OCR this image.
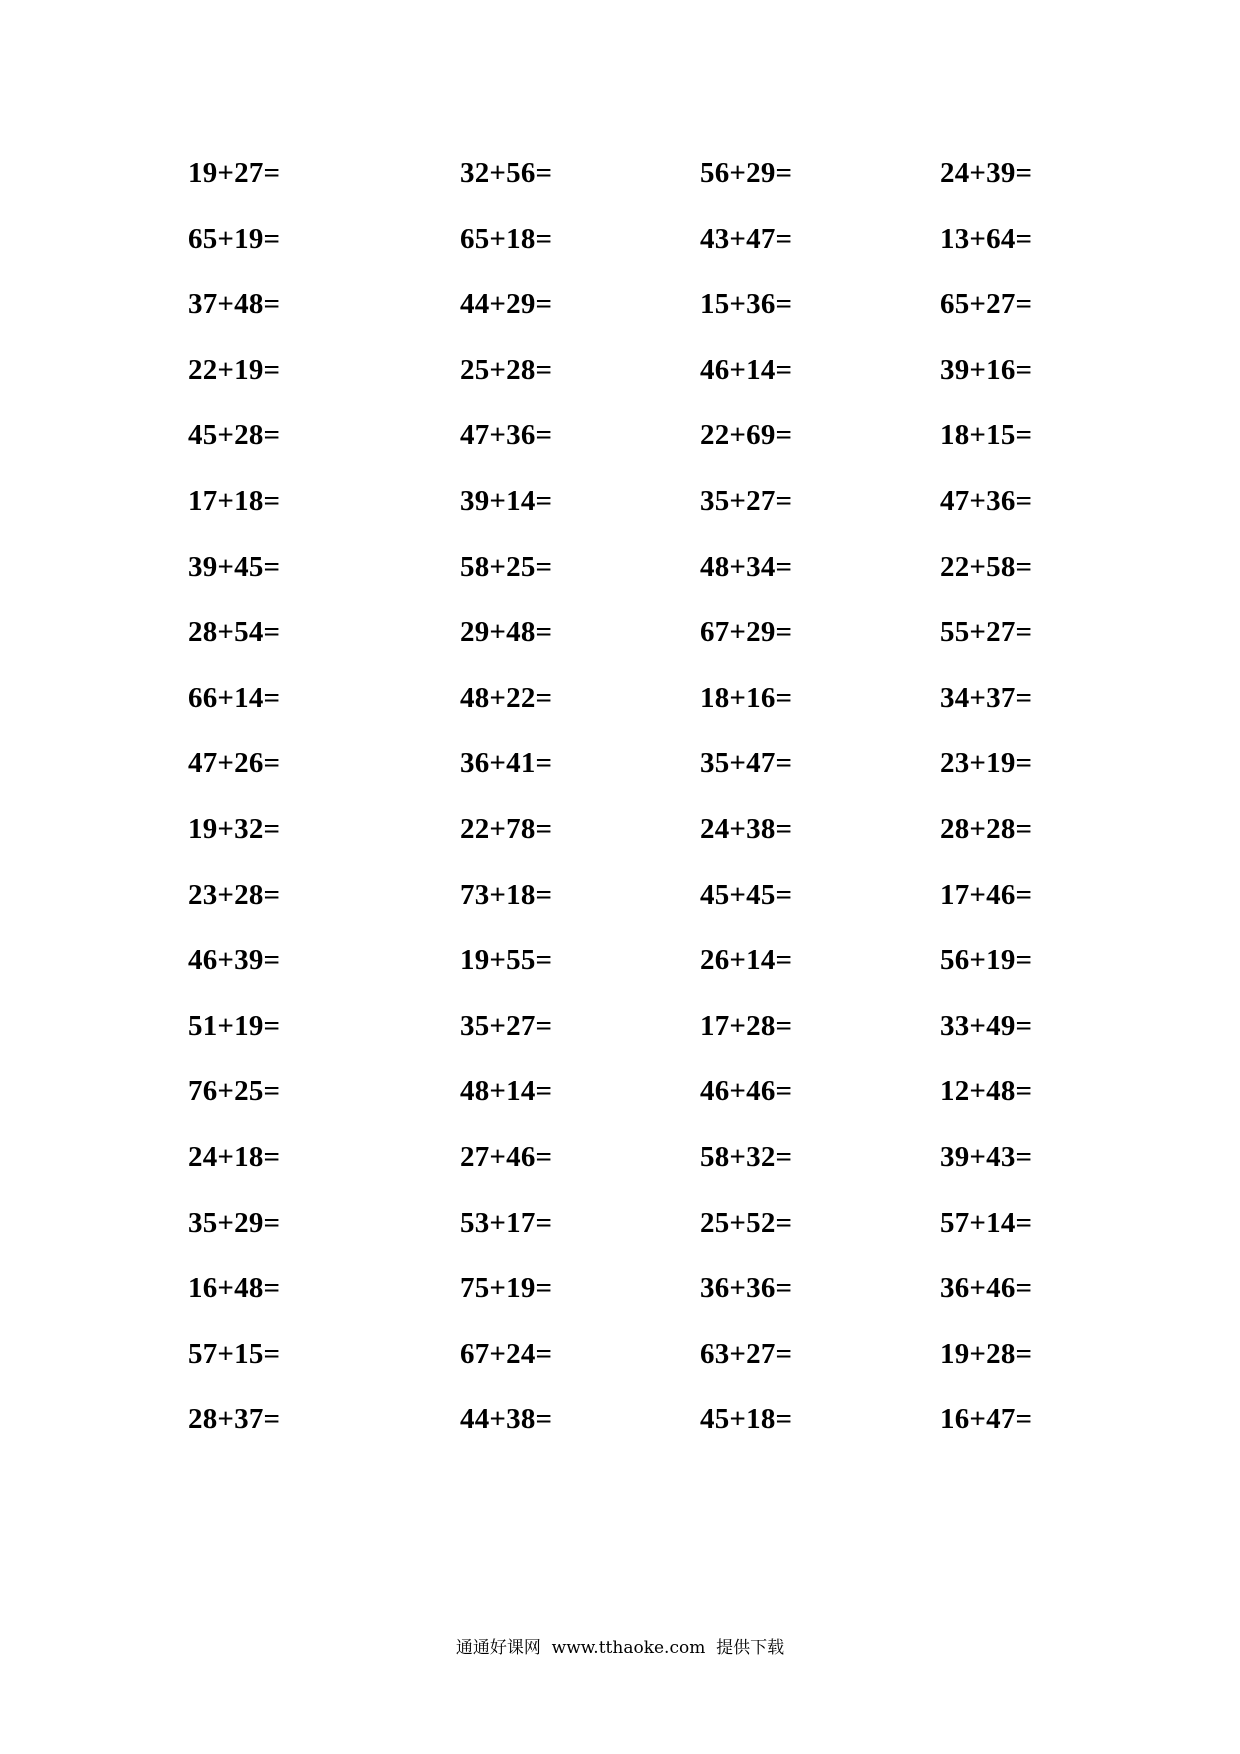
19+27=	32+56=	56+29=	24+39=
65+19=	65+18=	43+47=	13+64=
37+48=	44+29=	15+36=	65+27=
22+19=	25+28=	46+14=	39+16=
45+28=	47+36=	22+69=	18+15=
17+18=	39+14=	35+27=	47+36=
39+45=	58+25=	48+34=	22+58=
28+54=	29+48=	67+29=	55+27=
66+14=	48+22=	18+16=	34+37=
47+26=	36+41=	35+47=	23+19=
19+32=	22+78=	24+38=	28+28=
23+28=	73+18=	45+45=	17+46=
46+39=	19+55=	26+14=	56+19=
51+19=	35+27=	17+28=	33+49=
76+25=	48+14=	46+46=	12+48=
24+18=	27+46=	58+32=	39+43=
35+29=	53+17=	25+52=	57+14=
16+48=	75+19=	36+36=	36+46=
57+15=	67+24=	63+27=	19+28=
28+37=	44+38=	45+18=	16+47=
通通好课网  www.tthaoke.com  提供下载
